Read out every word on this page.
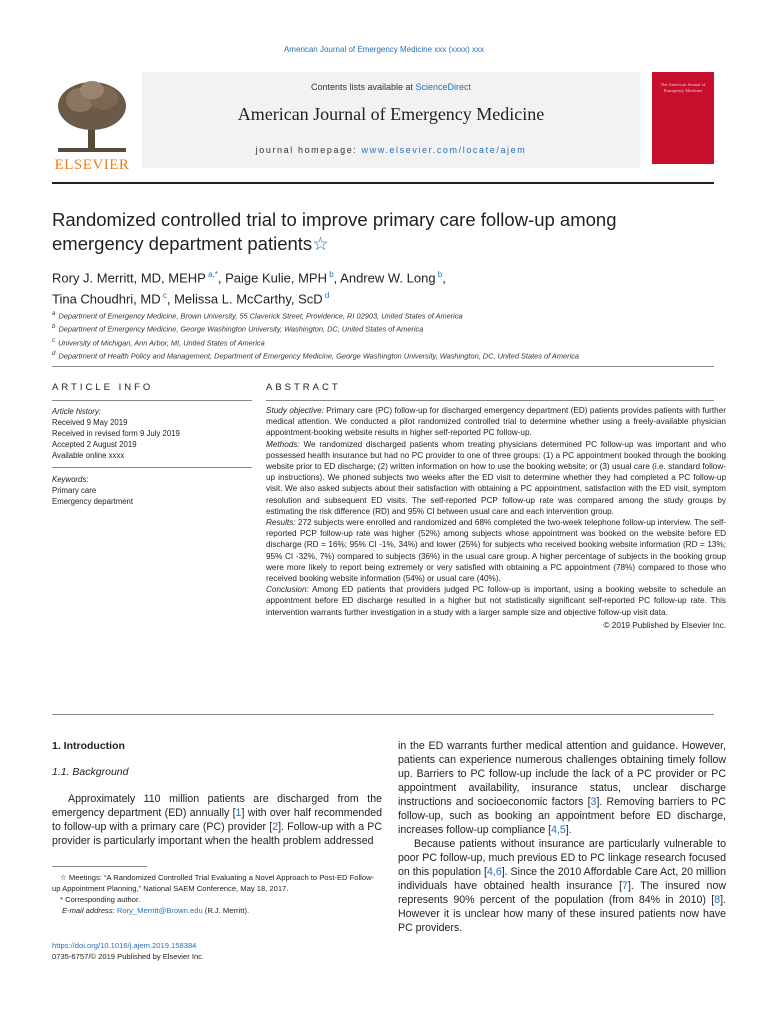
American Journal of Emergency Medicine xxx (xxxx) xxx
ELSEVIER
Contents lists available at ScienceDirect
American Journal of Emergency Medicine
journal homepage: www.elsevier.com/locate/ajem
The American Journal of Emergency Medicine
Randomized controlled trial to improve primary care follow-up among
emergency department patients☆
Rory J. Merritt, MD, MEHP $^{a,*}$, Paige Kulie, MPH $^b$, Andrew W. Long $^b$,
Tina Choudhri, MD $^c$, Melissa L. McCarthy, ScD $^d$
$^a$ Department of Emergency Medicine, Brown University, 55 Claverick Street, Providence, RI 02903, United States of America
$^b$ Department of Emergency Medicine, George Washington University, Washington, DC, United States of America
$^c$ University of Michigan, Ann Arbor, MI, United States of America
$^d$ Department of Health Policy and Management, Department of Emergency Medicine, George Washington University, Washington, DC, United States of America
ARTICLE INFO
Article history:
Received 9 May 2019
Received in revised form 9 July 2019
Accepted 2 August 2019
Available online xxxx
Keywords:
Primary care
Emergency department
ABSTRACT

Study objective: Primary care (PC) follow-up for discharged emergency department (ED) patients provides patients with further medical attention. We conducted a pilot randomized controlled trial to determine whether using a freely-available physician appointment-booking website results in higher self-reported PC follow-up.

Methods: We randomized discharged patients whom treating physicians determined PC follow-up was important and who possessed health insurance but had no PC provider to one of three groups: (1) a PC appointment booked through the booking website prior to ED discharge; (2) written information on how to use the booking website; or (3) usual care (i.e. standard follow-up instructions). We phoned subjects two weeks after the ED visit to determine whether they had completed a PC follow-up visit. We also asked subjects about their satisfaction with obtaining a PC appointment, satisfaction with the ED visit, symptom resolution and subsequent ED visits. The self-reported PCP follow-up rate was compared among the study groups by estimating the risk difference (RD) and 95% CI between usual care and each intervention group.

Results: 272 subjects were enrolled and randomized and 68% completed the two-week telephone follow-up interview. The self-reported PCP follow-up rate was higher (52%) among subjects whose appointment was booked on the website before ED discharge (RD = 16%; 95% CI -1%, 34%) and lower (25%) for subjects who received booking website information (RD = 13%; 95% CI -32%, 7%) compared to subjects (36%) in the usual care group. A higher percentage of subjects in the booking group were more likely to report being extremely or very satisfied with obtaining a PC appointment (78%) compared to those who received booking website information (54%) or usual care (40%).

Conclusion: Among ED patients that providers judged PC follow-up is important, using a booking website to schedule an appointment before ED discharge resulted in a higher but not statistically significant self-reported PC follow-up rate. This intervention warrants further investigation in a study with a larger sample size and objective follow-up visit data.

© 2019 Published by Elsevier Inc.

1. Introduction
1.1. Background

Approximately 110 million patients are discharged from the emergency department (ED) annually [1] with over half recommended to follow-up with a primary care (PC) provider [2]. Follow-up with a PC provider is particularly important when the health problem addressed

☆ Meetings: “A Randomized Controlled Trial Evaluating a Novel Approach to Post-ED Follow-up Appointment Planning,” National SAEM Conference, May 18, 2017.

* Corresponding author.

E-mail address: Rory_Merritt@Brown.edu (R.J. Merritt).

in the ED warrants further medical attention and guidance. However, patients can experience numerous challenges obtaining timely follow up. Barriers to PC follow-up include the lack of a PC provider or PC appointment availability, insurance status, unclear discharge instructions and socioeconomic factors [3]. Removing barriers to PC follow-up, such as booking an appointment before ED discharge, increases follow-up compliance [4,5].

Because patients without insurance are particularly vulnerable to poor PC follow-up, much previous ED to PC linkage research focused on this population [4,6]. Since the 2010 Affordable Care Act, 20 million individuals have obtained health insurance [7]. The insured now represents 90% percent of the population (from 84% in 2010) [8]. However it is unclear how many of these insured patients now have PC providers.

https://doi.org/10.1016/j.ajem.2019.158384
0735-6757/© 2019 Published by Elsevier Inc.
